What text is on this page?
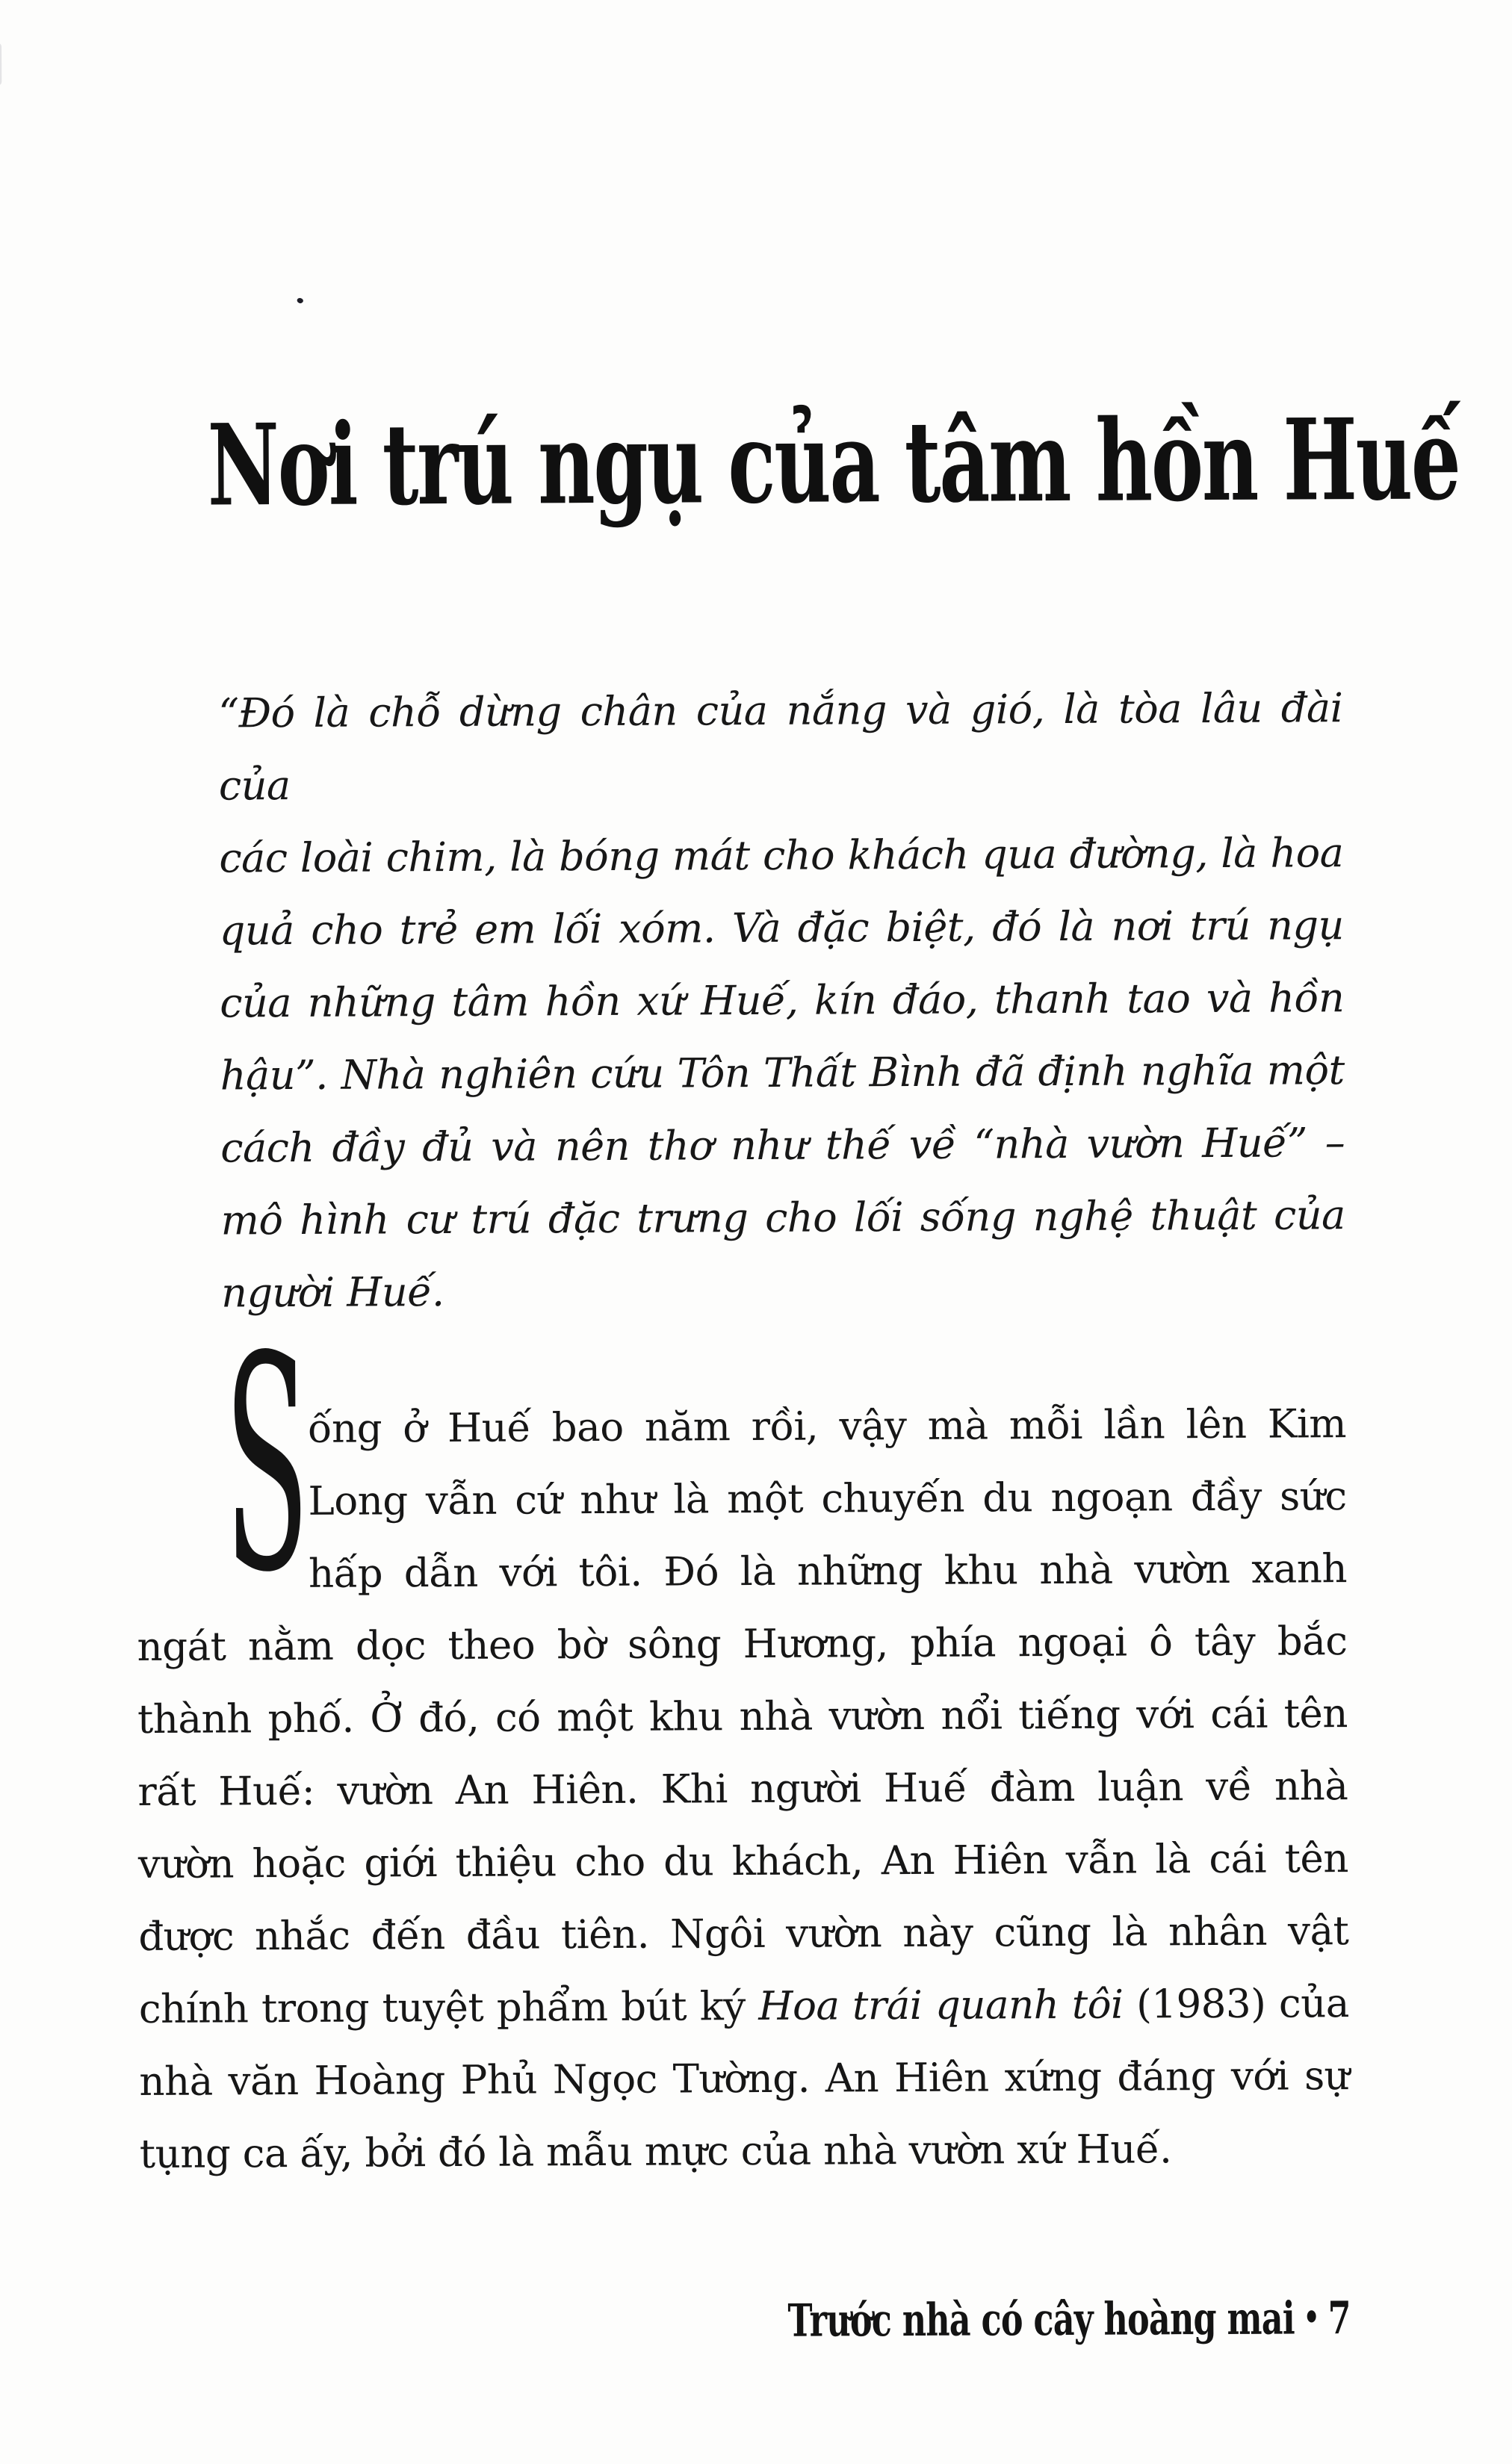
Nơi trú ngụ của tâm hồn Huế
“Đó là chỗ dừng chân của nắng và gió, là tòa lâu đài của
các loài chim, là bóng mát cho khách qua đường, là hoa
quả cho trẻ em lối xóm. Và đặc biệt, đó là nơi trú ngụ
của những tâm hồn xứ Huế, kín đáo, thanh tao và hồn
hậu”. Nhà nghiên cứu Tôn Thất Bình đã định nghĩa một
cách đầy đủ và nên thơ như thế về “nhà vườn Huế” –
mô hình cư trú đặc trưng cho lối sống nghệ thuật của
người Huế.
S
ống ở Huế bao năm rồi, vậy mà mỗi lần lên Kim
Long vẫn cứ như là một chuyến du ngoạn đầy sức
hấp dẫn với tôi. Đó là những khu nhà vườn xanh
ngát nằm dọc theo bờ sông Hương, phía ngoại ô tây bắc
thành phố. Ở đó, có một khu nhà vườn nổi tiếng với cái tên
rất Huế: vườn An Hiên. Khi người Huế đàm luận về nhà
vườn hoặc giới thiệu cho du khách, An Hiên vẫn là cái tên
được nhắc đến đầu tiên. Ngôi vườn này cũng là nhân vật
chính trong tuyệt phẩm bút ký Hoa trái quanh tôi (1983) của
nhà văn Hoàng Phủ Ngọc Tường. An Hiên xứng đáng với sự
tụng ca ấy, bởi đó là mẫu mực của nhà vườn xứ Huế.
Trước nhà có cây hoàng mai • 7
